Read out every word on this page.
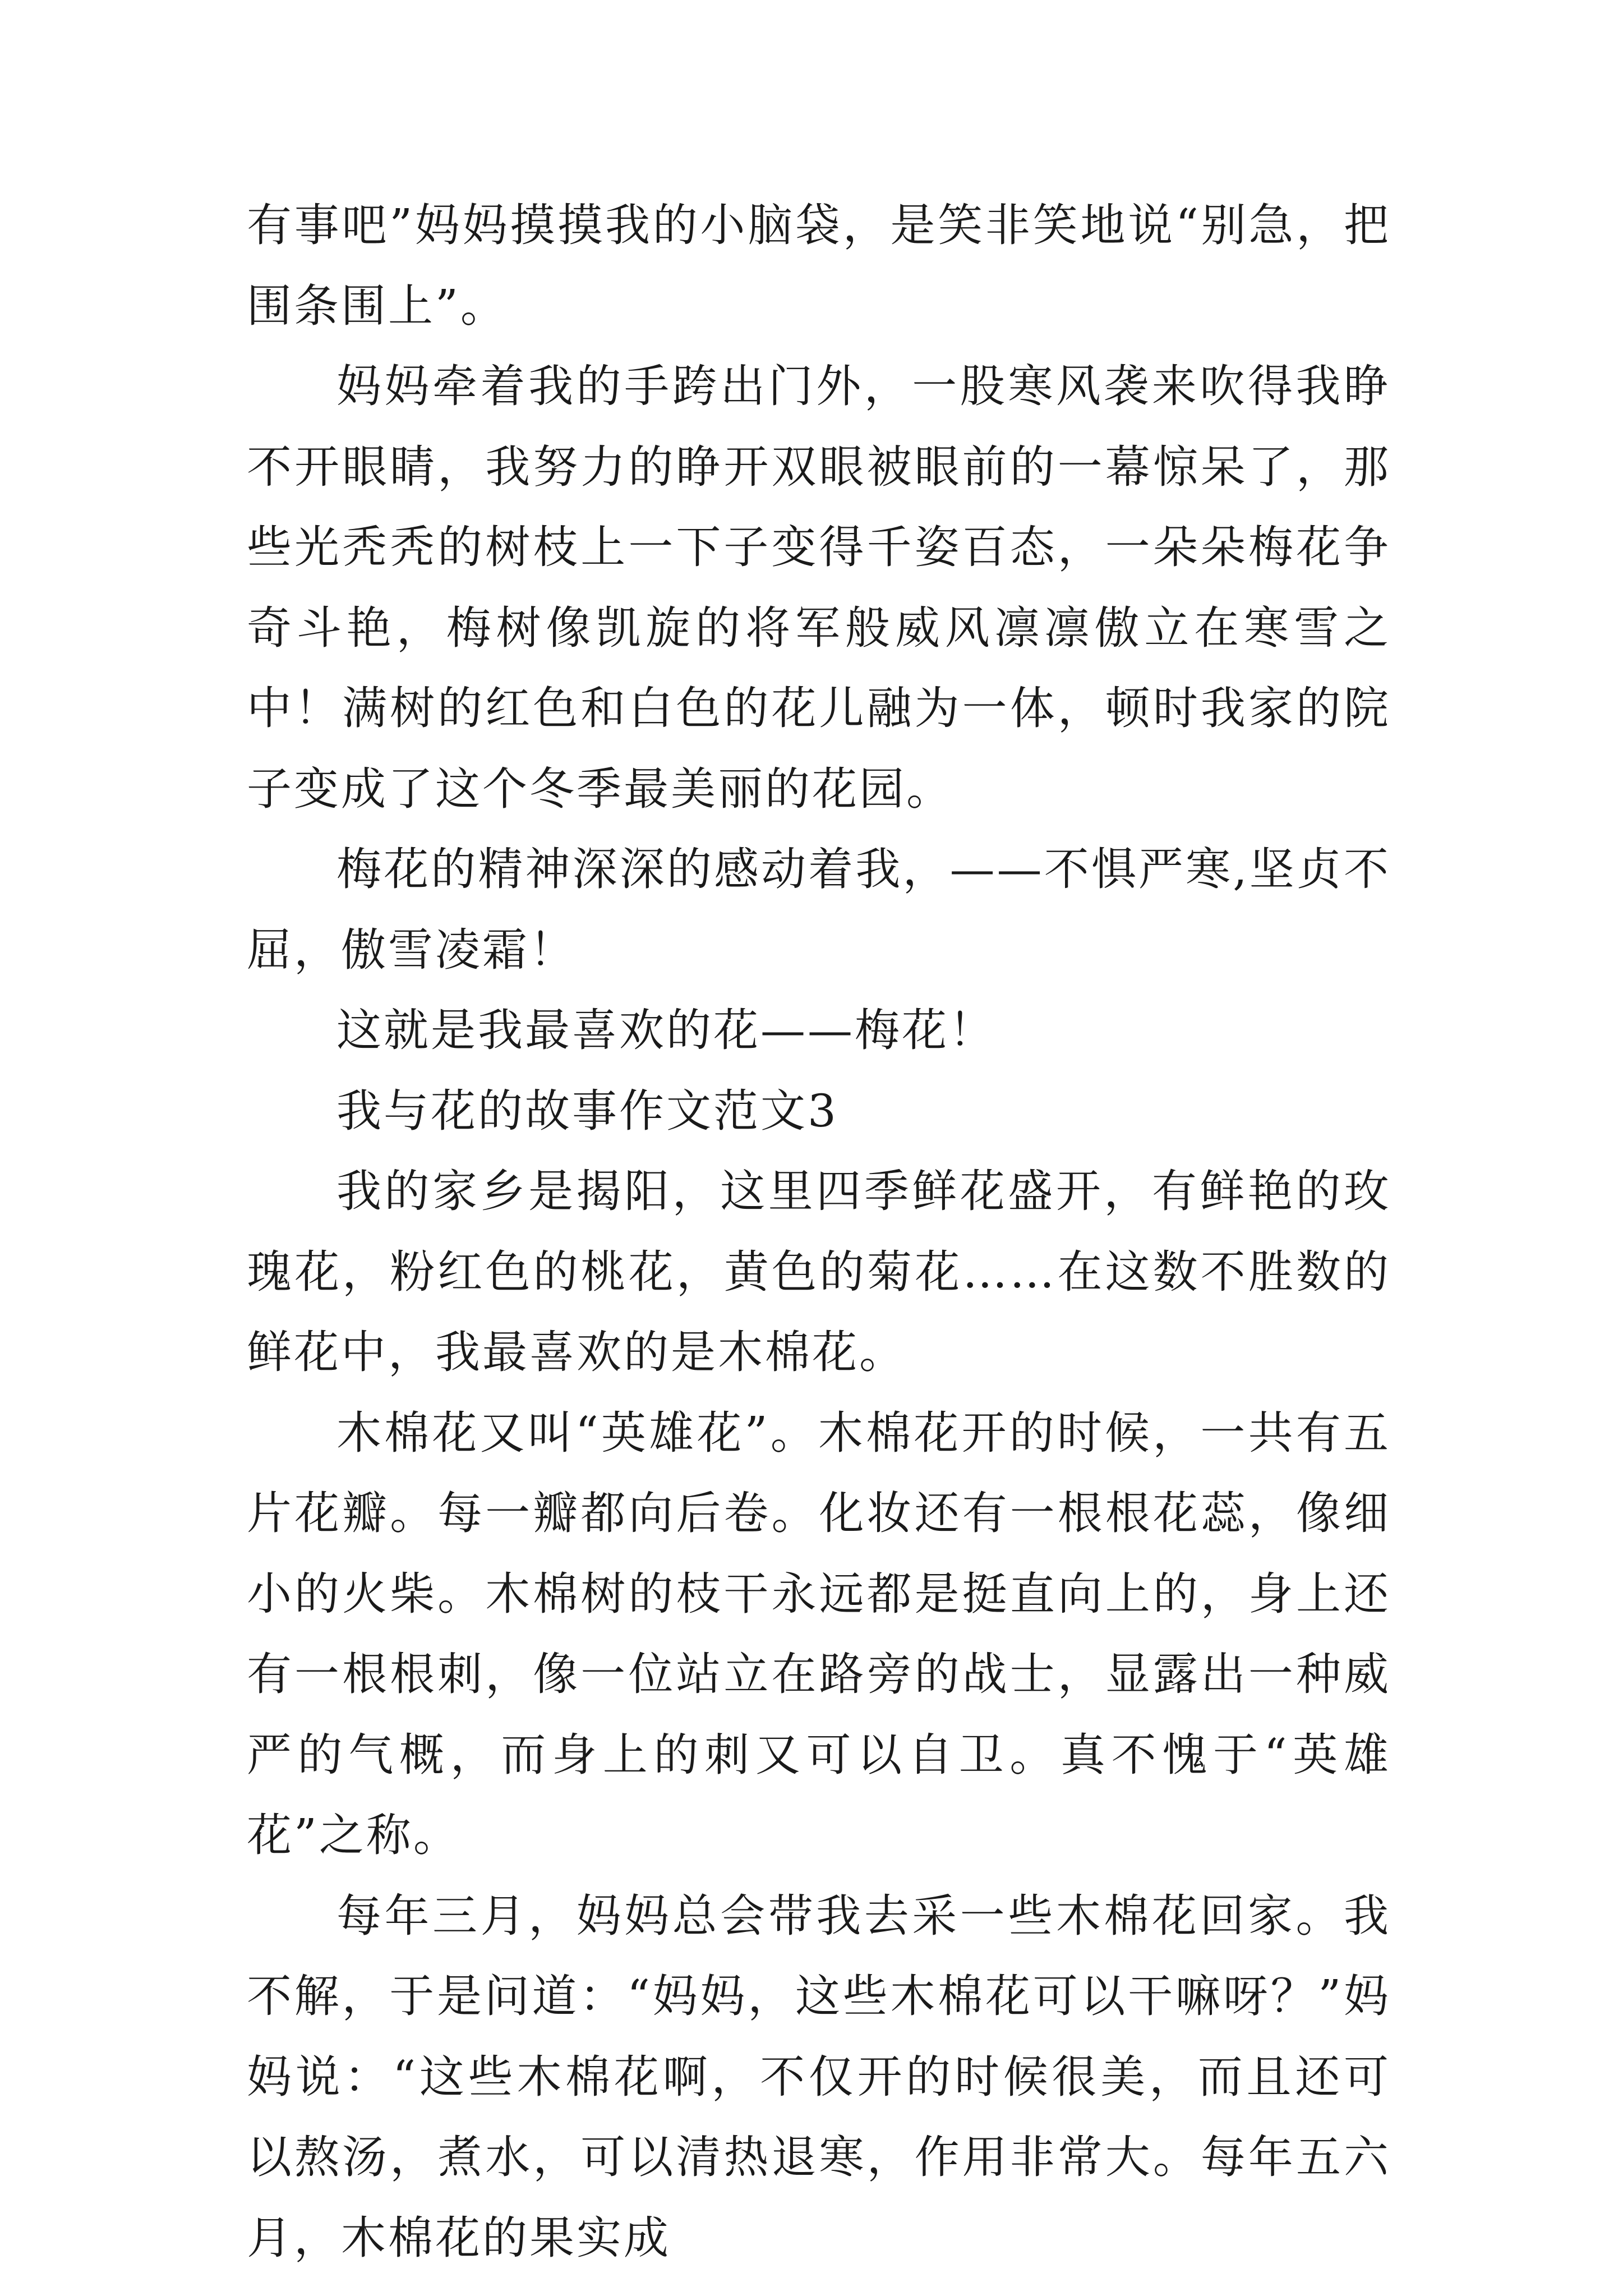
有事吧”妈妈摸摸我的小脑袋，是笑非笑地说“别急，把围条围上”。

妈妈牵着我的手跨出门外，一股寒风袭来吹得我睁不开眼睛，我努力的睁开双眼被眼前的一幕惊呆了，那些光秃秃的树枝上一下子变得千姿百态，一朵朵梅花争奇斗艳，梅树像凯旋的将军般威风凛凛傲立在寒雪之中！满树的红色和白色的花儿融为一体，顿时我家的院子变成了这个冬季最美丽的花园。

梅花的精神深深的感动着我，——不惧严寒,坚贞不屈，傲雪凌霜！

这就是我最喜欢的花——梅花！

我与花的故事作文范文3

我的家乡是揭阳，这里四季鲜花盛开，有鲜艳的玫瑰花，粉红色的桃花，黄色的菊花……在这数不胜数的鲜花中，我最喜欢的是木棉花。

木棉花又叫“英雄花”。木棉花开的时候，一共有五片花瓣。每一瓣都向后卷。化妆还有一根根花蕊，像细小的火柴。木棉树的枝干永远都是挺直向上的，身上还有一根根刺，像一位站立在路旁的战士，显露出一种威严的气概，而身上的刺又可以自卫。真不愧于“英雄花”之称。

每年三月，妈妈总会带我去采一些木棉花回家。我不解，于是问道：“妈妈，这些木棉花可以干嘛呀？”妈妈说：“这些木棉花啊，不仅开的时候很美，而且还可以熬汤，煮水，可以清热退寒，作用非常大。每年五六月，木棉花的果实成
